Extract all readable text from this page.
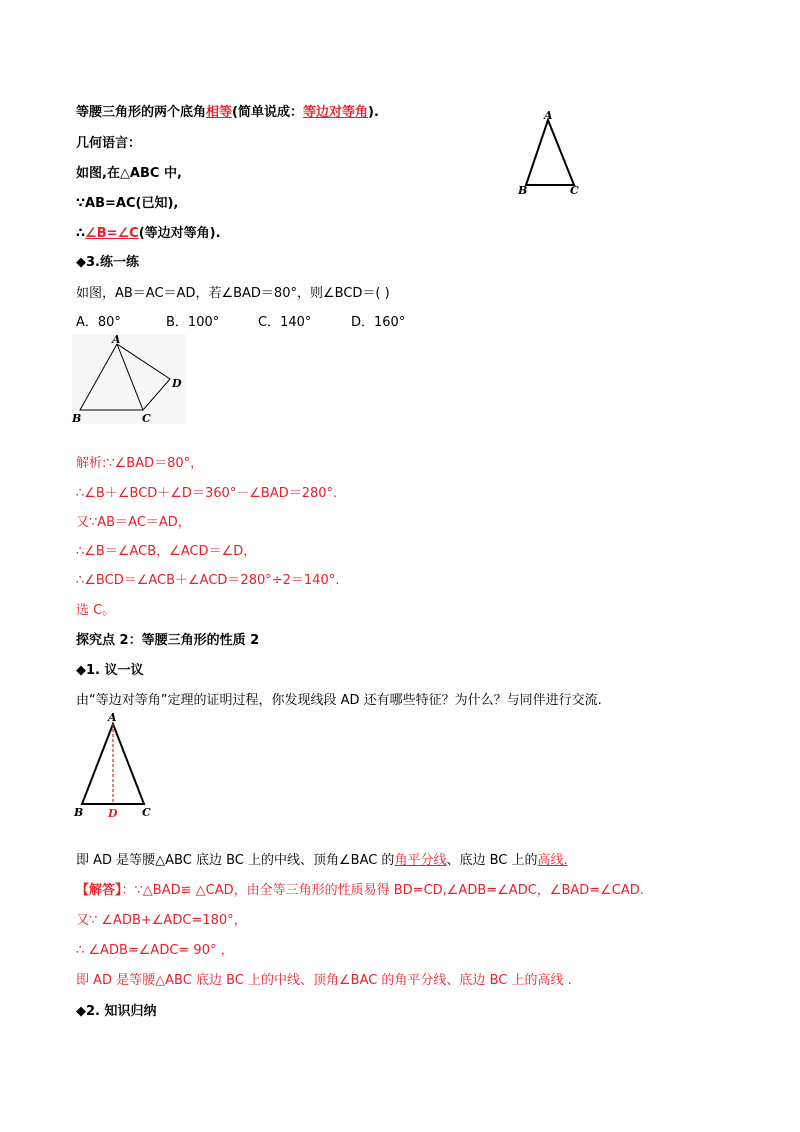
等腰三角形的两个底角相等(简单说成：等边对等角).
几何语言：
如图,在△ABC 中,
∵AB=AC(已知),
∴∠B=∠C(等边对等角).
A
B	C
◆3.练一练
如图，AB＝AC＝AD，若∠BAD＝80°，则∠BCD＝( )
A．80°	B．100°	C．140°	D．160°
A
B	C
D
解析:∵∠BAD＝80°，
∴∠B＋∠BCD＋∠D＝360°－∠BAD＝280°.
又∵AB＝AC＝AD，
∴∠B＝∠ACB，∠ACD＝∠D，
∴∠BCD＝∠ACB＋∠ACD＝280°÷2＝140°.
选 C。
探究点 2：等腰三角形的性质 2
◆1. 议一议
由“等边对等角”定理的证明过程，你发现线段 AD 还有哪些特征？为什么？与同伴进行交流.
A
B	C
D
即 AD 是等腰△ABC 底边 BC 上的中线、顶角∠BAC 的角平分线、底边 BC 上的高线.
【解答】：∵△BAD≌ △CAD，由全等三角形的性质易得 BD=CD,∠ADB=∠ADC，∠BAD=∠CAD.
又∵ ∠ADB+∠ADC=180°，
∴ ∠ADB=∠ADC= 90° ，
即 AD 是等腰△ABC 底边 BC 上的中线、顶角∠BAC 的角平分线、底边 BC 上的高线 .
◆2. 知识归纳
